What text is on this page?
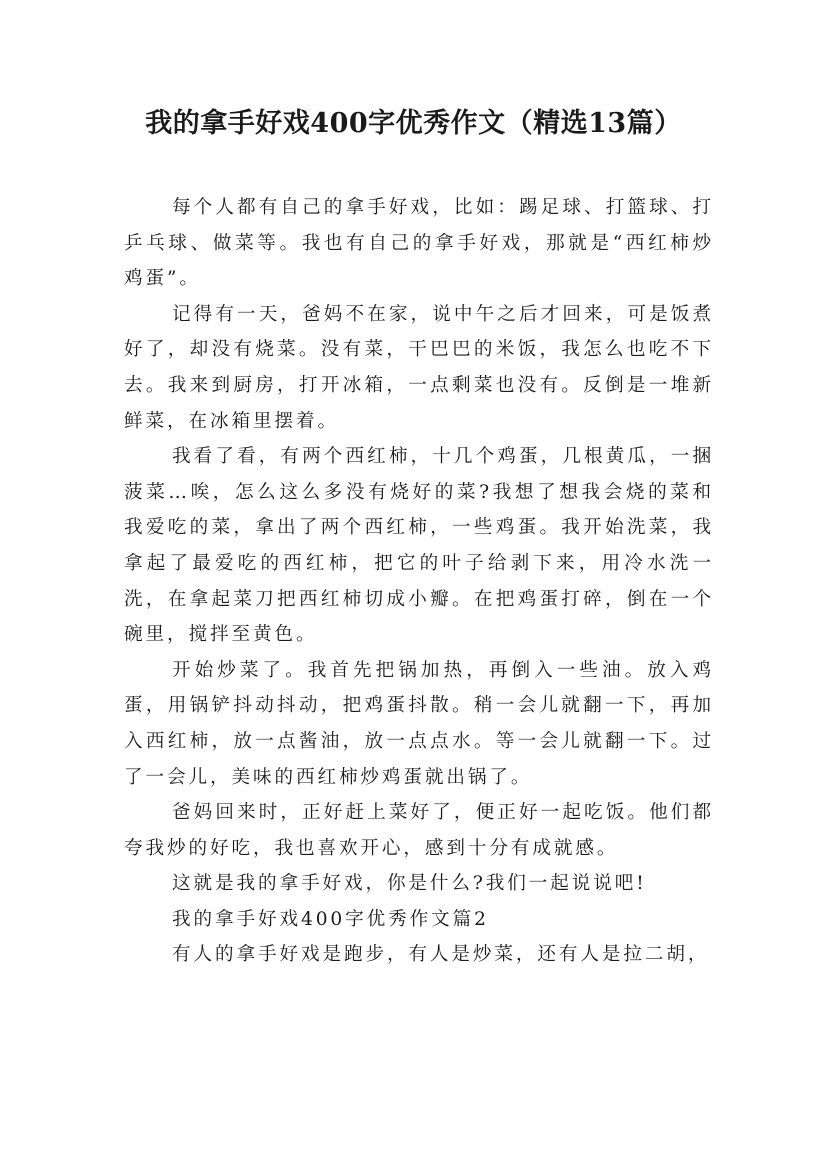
我的拿手好戏400字优秀作文（精选13篇）

每个人都有自己的拿手好戏，比如：踢足球、打篮球、打乒乓球、做菜等。我也有自己的拿手好戏，那就是“西红柿炒鸡蛋”。

记得有一天，爸妈不在家，说中午之后才回来，可是饭煮好了，却没有烧菜。没有菜，干巴巴的米饭，我怎么也吃不下去。我来到厨房，打开冰箱，一点剩菜也没有。反倒是一堆新鲜菜，在冰箱里摆着。

我看了看，有两个西红柿，十几个鸡蛋，几根黄瓜，一捆菠菜…唉，怎么这么多没有烧好的菜?我想了想我会烧的菜和我爱吃的菜，拿出了两个西红柿，一些鸡蛋。我开始洗菜，我拿起了最爱吃的西红柿，把它的叶子给剥下来，用冷水洗一洗，在拿起菜刀把西红柿切成小瓣。在把鸡蛋打碎，倒在一个碗里，搅拌至黄色。

开始炒菜了。我首先把锅加热，再倒入一些油。放入鸡蛋，用锅铲抖动抖动，把鸡蛋抖散。稍一会儿就翻一下，再加入西红柿，放一点酱油，放一点点水。等一会儿就翻一下。过了一会儿，美味的西红柿炒鸡蛋就出锅了。

爸妈回来时，正好赶上菜好了，便正好一起吃饭。他们都夸我炒的好吃，我也喜欢开心，感到十分有成就感。

这就是我的拿手好戏，你是什么?我们一起说说吧!

我的拿手好戏400字优秀作文篇2

有人的拿手好戏是跑步，有人是炒菜，还有人是拉二胡，
